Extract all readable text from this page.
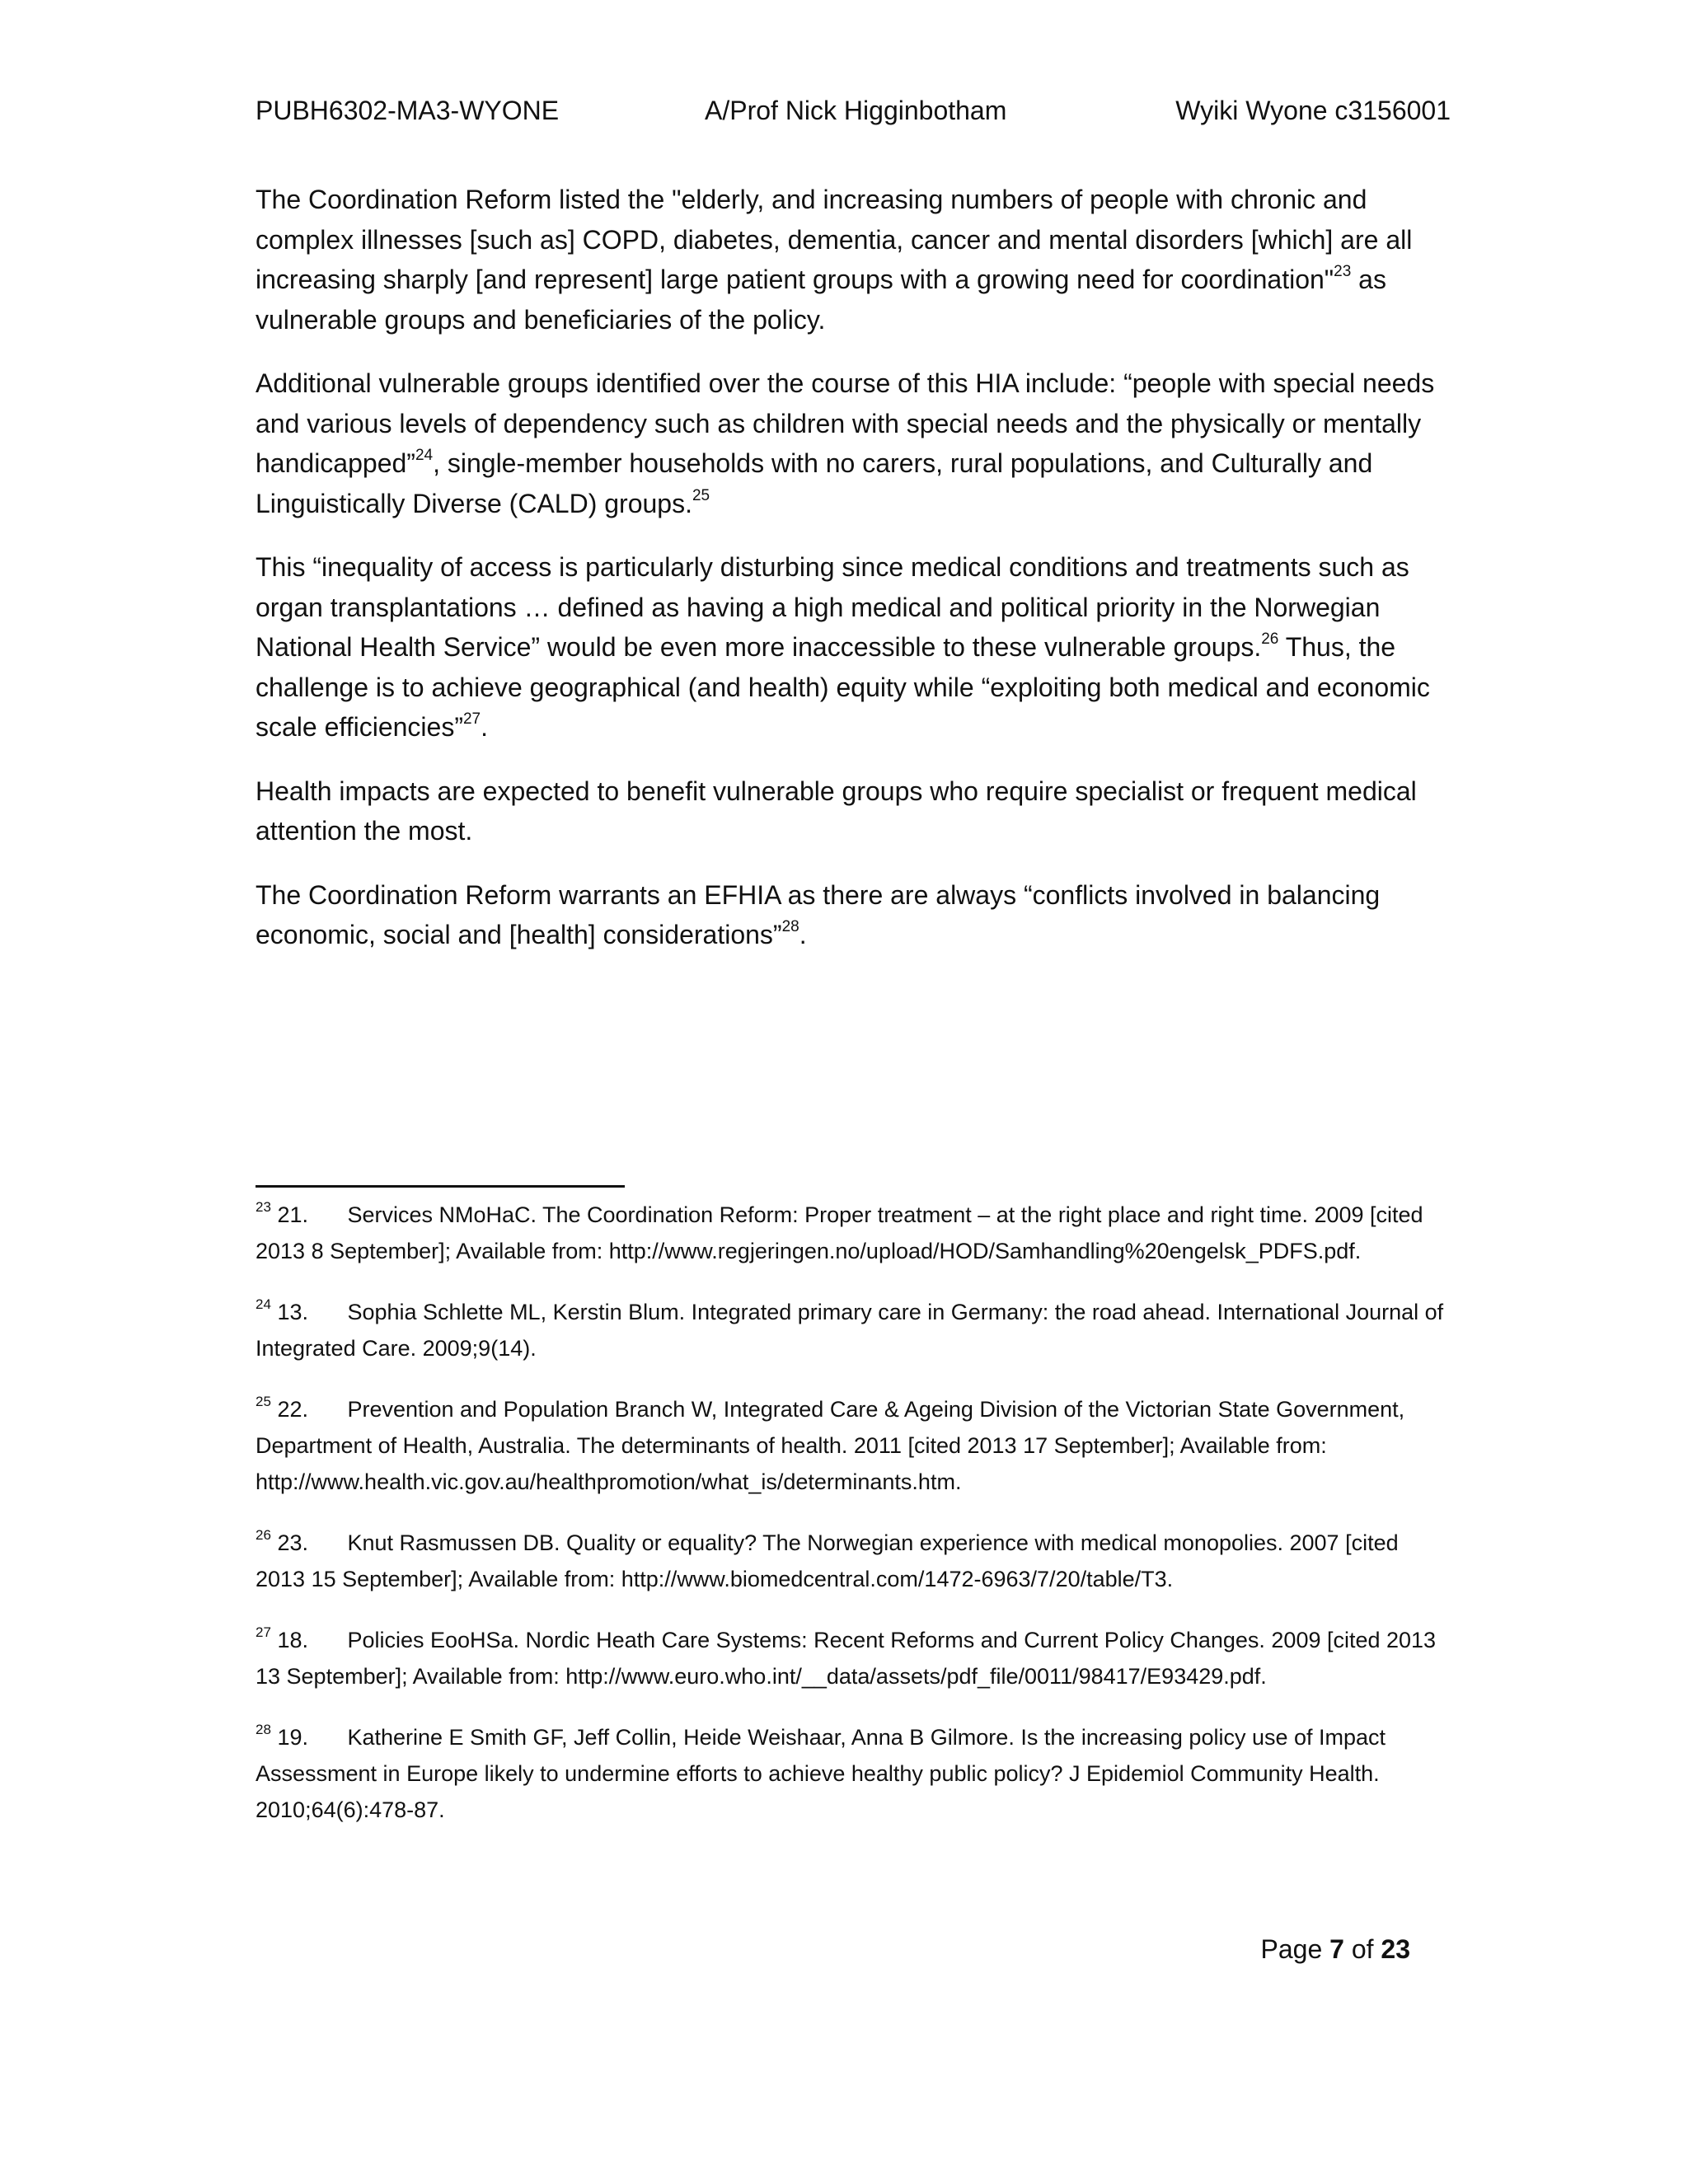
PUBH6302-MA3-WYONE	A/Prof Nick Higginbotham	Wyiki Wyone c3156001

The Coordination Reform listed the "elderly, and increasing numbers of people with chronic and complex illnesses [such as] COPD, diabetes, dementia, cancer and mental disorders [which] are all increasing sharply [and represent] large patient groups with a growing need for coordination"$^{23}$ as vulnerable groups and beneficiaries of the policy.

Additional vulnerable groups identified over the course of this HIA include: “people with special needs and various levels of dependency such as children with special needs and the physically or mentally handicapped”$^{24}$, single-member households with no carers, rural populations, and Culturally and Linguistically Diverse (CALD) groups.$^{25}$

This “inequality of access is particularly disturbing since medical conditions and treatments such as organ transplantations … defined as having a high medical and political priority in the Norwegian National Health Service” would be even more inaccessible to these vulnerable groups.$^{26}$ Thus, the challenge is to achieve geographical (and health) equity while “exploiting both medical and economic scale efficiencies”$^{27}$.

Health impacts are expected to benefit vulnerable groups who require specialist or frequent medical attention the most.

The Coordination Reform warrants an EFHIA as there are always “conflicts involved in balancing economic, social and [health] considerations”$^{28}$.

$^{23}$ 21. Services NMoHaC. The Coordination Reform: Proper treatment – at the right place and right time. 2009 [cited 2013 8 September]; Available from: http://www.regjeringen.no/upload/HOD/Samhandling%20engelsk_PDFS.pdf.
$^{24}$ 13. Sophia Schlette ML, Kerstin Blum. Integrated primary care in Germany: the road ahead. International Journal of Integrated Care. 2009;9(14).
$^{25}$ 22. Prevention and Population Branch W, Integrated Care & Ageing Division of the Victorian State Government, Department of Health, Australia. The determinants of health. 2011 [cited 2013 17 September]; Available from: http://www.health.vic.gov.au/healthpromotion/what_is/determinants.htm.
$^{26}$ 23. Knut Rasmussen DB. Quality or equality? The Norwegian experience with medical monopolies. 2007 [cited 2013 15 September]; Available from: http://www.biomedcentral.com/1472-6963/7/20/table/T3.
$^{27}$ 18. Policies EooHSa. Nordic Heath Care Systems: Recent Reforms and Current Policy Changes. 2009 [cited 2013 13 September]; Available from: http://www.euro.who.int/__data/assets/pdf_file/0011/98417/E93429.pdf.
$^{28}$ 19. Katherine E Smith GF, Jeff Collin, Heide Weishaar, Anna B Gilmore. Is the increasing policy use of Impact Assessment in Europe likely to undermine efforts to achieve healthy public policy? J Epidemiol Community Health. 2010;64(6):478-87.
Page 7 of 23
